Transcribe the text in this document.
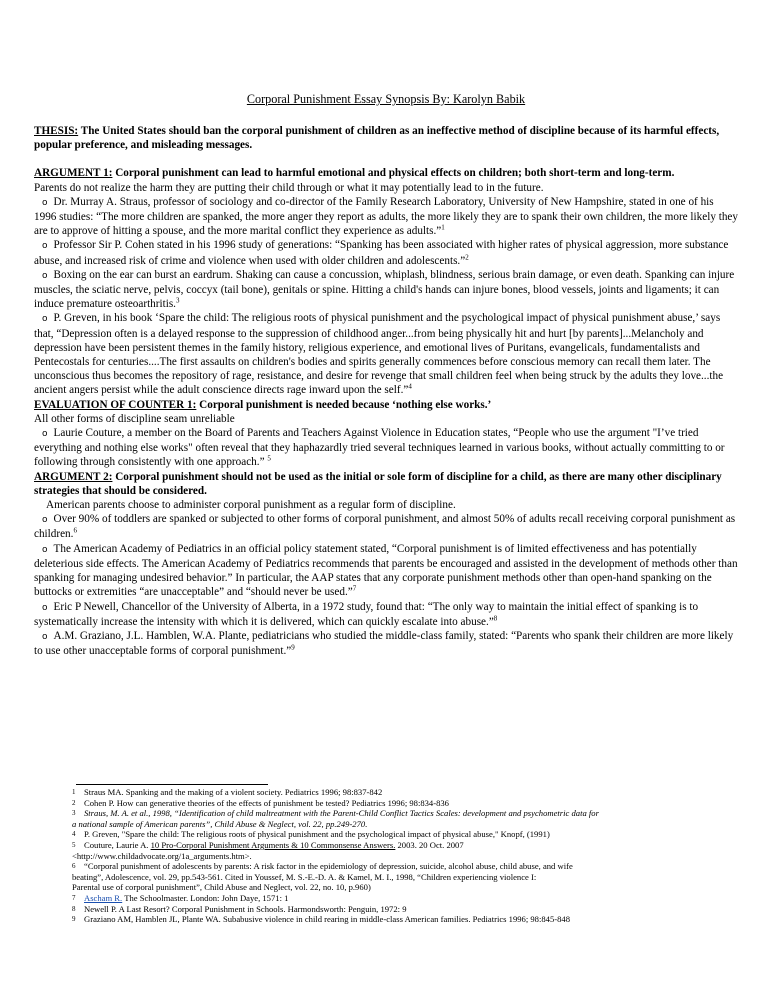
Corporal Punishment Essay Synopsis By: Karolyn Babik

THESIS: The United States should ban the corporal punishment of children as an ineffective method of discipline because of its harmful effects, popular preference, and misleading messages.

ARGUMENT 1: Corporal punishment can lead to harmful emotional and physical effects on children; both short-term and long-term.

Parents do not realize the harm they are putting their child through or what it may potentially lead to in the future.

o Dr. Murray A. Straus, professor of sociology and co-director of the Family Research Laboratory, University of New Hampshire, stated in one of his 1996 studies: “The more children are spanked, the more anger they report as adults, the more likely they are to spank their own children, the more likely they are to approve of hitting a spouse, and the more marital conflict they experience as adults.”$^1$

o Professor Sir P. Cohen stated in his 1996 study of generations: “Spanking has been associated with higher rates of physical aggression, more substance abuse, and increased risk of crime and violence when used with older children and adolescents.”$^2$

o Boxing on the ear can burst an eardrum. Shaking can cause a concussion, whiplash, blindness, serious brain damage, or even death. Spanking can injure muscles, the sciatic nerve, pelvis, coccyx (tail bone), genitals or spine. Hitting a child's hands can injure bones, blood vessels, joints and ligaments; it can induce premature osteoarthritis.$^3$

o P. Greven, in his book ‘Spare the child: The religious roots of physical punishment and the psychological impact of physical punishment abuse,’ says that, “Depression often is a delayed response to the suppression of childhood anger...from being physically hit and hurt [by parents]...Melancholy and depression have been persistent themes in the family history, religious experience, and emotional lives of Puritans, evangelicals, fundamentalists and Pentecostals for centuries....The first assaults on children's bodies and spirits generally commences before conscious memory can recall them later. The unconscious thus becomes the repository of rage, resistance, and desire for revenge that small children feel when being struck by the adults they love...the ancient angers persist while the adult conscience directs rage inward upon the self.”$^4$

EVALUATION OF COUNTER 1: Corporal punishment is needed because ‘nothing else works.’

All other forms of discipline seam unreliable

o Laurie Couture, a member on the Board of Parents and Teachers Against Violence in Education states, “People who use the argument "I’ve tried everything and nothing else works" often reveal that they haphazardly tried several techniques learned in various books, without actually committing to or following through consistently with one approach.” $^5$

ARGUMENT 2: Corporal punishment should not be used as the initial or sole form of discipline for a child, as there are many other disciplinary strategies that should be considered.

American parents choose to administer corporal punishment as a regular form of discipline.

o Over 90% of toddlers are spanked or subjected to other forms of corporal punishment, and almost 50% of adults recall receiving corporal punishment as children.$^6$

o The American Academy of Pediatrics in an official policy statement stated, “Corporal punishment is of limited effectiveness and has potentially deleterious side effects. The American Academy of Pediatrics recommends that parents be encouraged and assisted in the development of methods other than spanking for managing undesired behavior.” In particular, the AAP states that any corporate punishment methods other than open-hand spanking on the buttocks or extremities “are unacceptable” and “should never be used.”$^7$

o Eric P Newell, Chancellor of the University of Alberta, in a 1972 study, found that: “The only way to maintain the initial effect of spanking is to systematically increase the intensity with which it is delivered, which can quickly escalate into abuse.”$^8$

o A.M. Graziano, J.L. Hamblen, W.A. Plante, pediatricians who studied the middle-class family, stated: “Parents who spank their children are more likely to use other unacceptable forms of corporal punishment.”$^9$

1 Straus MA. Spanking and the making of a violent society. Pediatrics 1996; 98:837-842

2 Cohen P. How can generative theories of the effects of punishment be tested? Pediatrics 1996; 98:834-836

3 Straus, M. A. et al., 1998, “Identification of child maltreatment with the Parent-Child Conflict Tactics Scales: development and psychometric data for

a national sample of American parents”, Child Abuse & Neglect, vol. 22, pp.249-270.

4 P. Greven, "Spare the child: The religious roots of physical punishment and the psychological impact of physical abuse," Knopf, (1991)

5 Couture, Laurie A. 10 Pro-Corporal Punishment Arguments & 10 Commonsense Answers. 2003. 20 Oct. 2007

<http://www.childadvocate.org/1a_arguments.htm>.

6 “Corporal punishment of adolescents by parents: A risk factor in the epidemiology of depression, suicide, alcohol abuse, child abuse, and wife

beating”, Adolescence, vol. 29, pp.543-561. Cited in Youssef, M. S.-E.-D. A. & Kamel, M. I., 1998, “Children experiencing violence I:

Parental use of corporal punishment”, Child Abuse and Neglect, vol. 22, no. 10, p.960)

7 Ascham R. The Schoolmaster. London: John Daye, 1571: 1

8 Newell P. A Last Resort? Corporal Punishment in Schools. Harmondsworth: Penguin, 1972: 9

9 Graziano AM, Hamblen JL, Plante WA. Subabusive violence in child rearing in middle-class American families. Pediatrics 1996; 98:845-848
